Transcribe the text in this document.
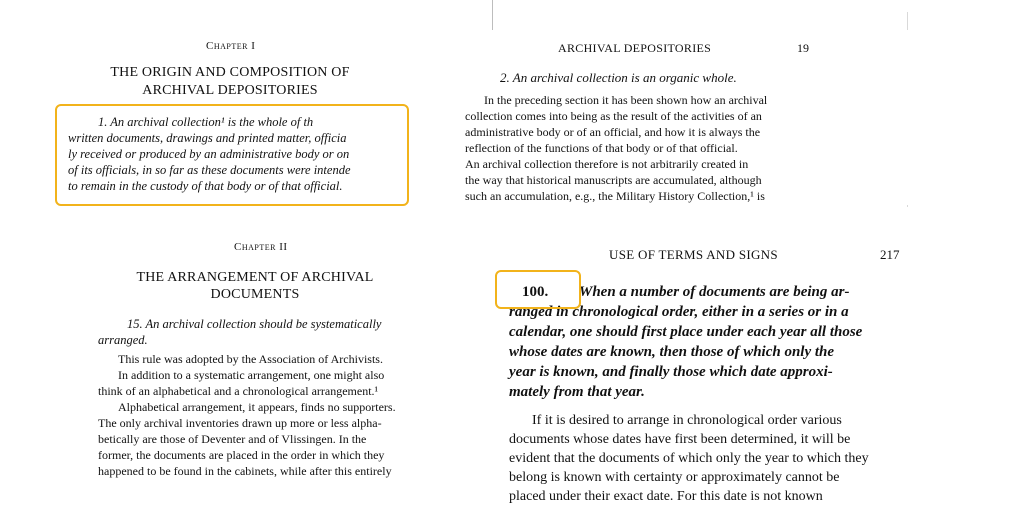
Chapter I
THE ORIGIN AND COMPOSITION OF
ARCHIVAL DEPOSITORIES
1. An archival collection¹ is the whole of th
written documents, drawings and printed matter, officia
ly received or produced by an administrative body or on
of its officials, in so far as these documents were intende
to remain in the custody of that body or of that official.
ARCHIVAL DEPOSITORIES	19
2. An archival collection is an organic whole.
In the preceding section it has been shown how an archival
collection comes into being as the result of the activities of an
administrative body or of an official, and how it is always the
reflection of the functions of that body or of that official.
An archival collection therefore is not arbitrarily created in
the way that historical manuscripts are accumulated, although
such an accumulation, e.g., the Military History Collection,¹ is
Chapter II
THE ARRANGEMENT OF ARCHIVAL
DOCUMENTS
15. An archival collection should be systematically
arranged.
This rule was adopted by the Association of Archivists.
In addition to a systematic arrangement, one might also
think of an alphabetical and a chronological arrangement.¹
Alphabetical arrangement, it appears, finds no supporters.
The only archival inventories drawn up more or less alpha-
betically are those of Deventer and of Vlissingen. In the
former, the documents are placed in the order in which they
happened to be found in the cabinets, while after this entirely
USE OF TERMS AND SIGNS	217
100. When a number of documents are being ar-
ranged in chronological order, either in a series or in a
calendar, one should first place under each year all those
whose dates are known, then those of which only the
year is known, and finally those which date approxi-
mately from that year.
If it is desired to arrange in chronological order various
documents whose dates have first been determined, it will be
evident that the documents of which only the year to which they
belong is known with certainty or approximately cannot be
placed under their exact date. For this date is not known
